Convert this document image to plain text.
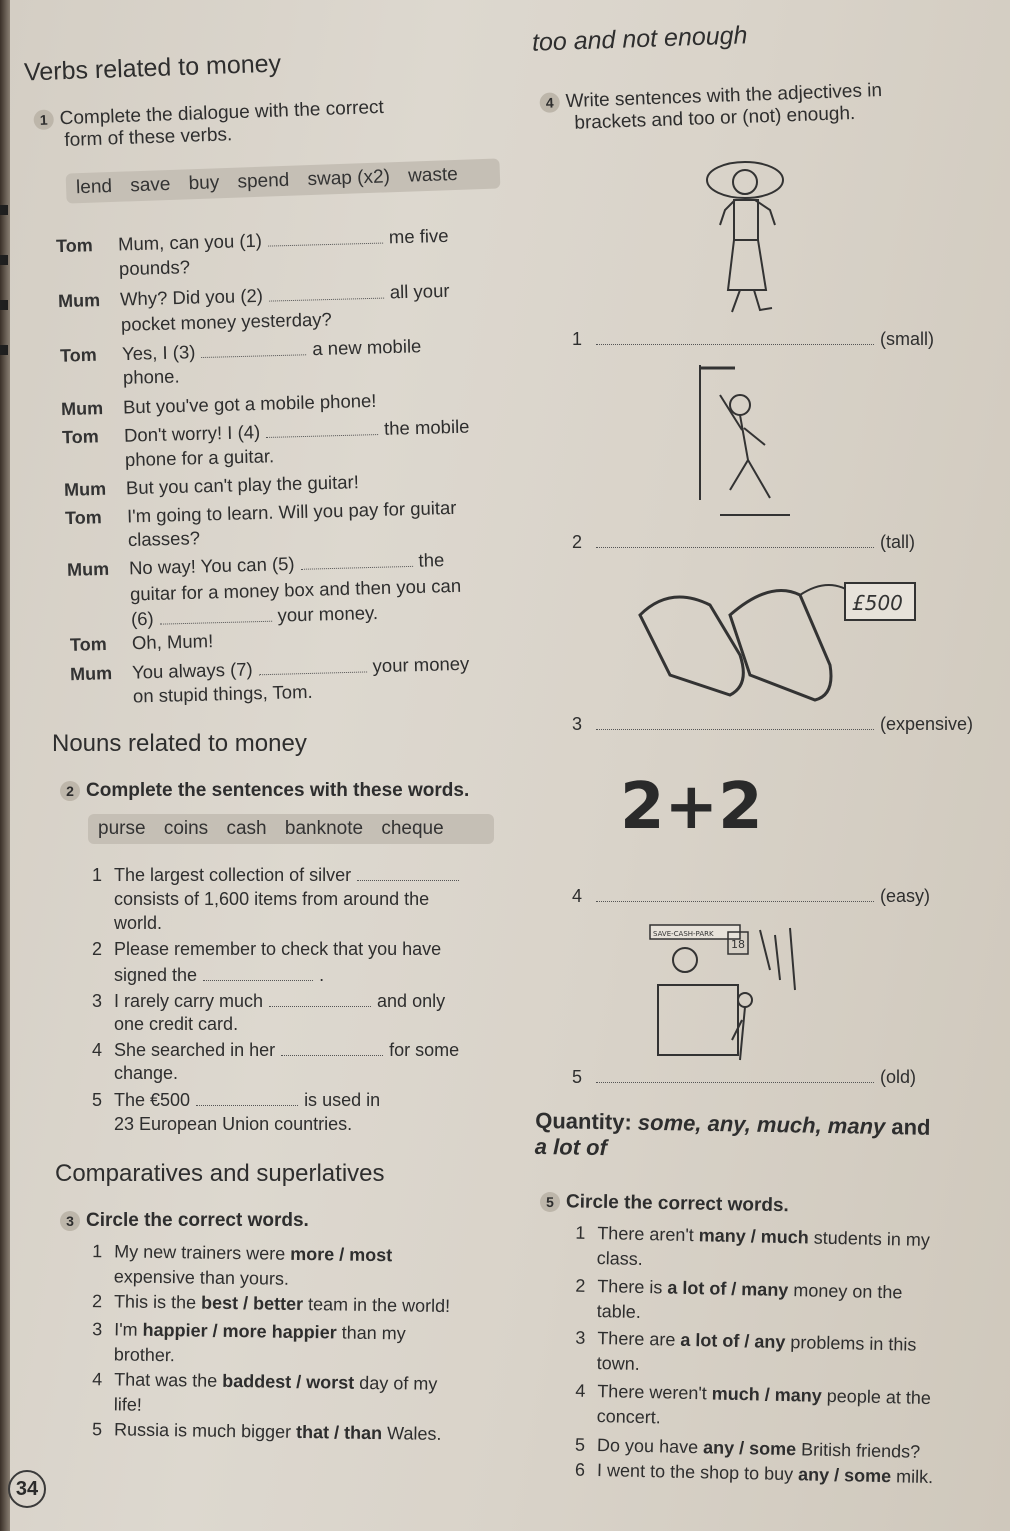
Verbs related to money
1 Complete the dialogue with the correct
form of these verbs.
lend save buy spend swap (x2) waste
Tom Mum, can you (1)	me five
pounds?
Mum Why? Did you (2)	all your
pocket money yesterday?
Tom Yes, I (3)	a new mobile
phone.
Mum But you've got a mobile phone!
Tom Don't worry! I (4)	the mobile
phone for a guitar.
Mum But you can't play the guitar!
Tom I'm going to learn. Will you pay for guitar
classes?
Mum No way! You can (5)	the
guitar for a money box and then you can
(6)	your money.
Tom Oh, Mum!
Mum You always (7)	your money
on stupid things, Tom.
Nouns related to money
2 Complete the sentences with these words.
purse coins cash banknote cheque
1 The largest collection of silver
consists of 1,600 items from around the
world.
2 Please remember to check that you have
signed the	.
3 I rarely carry much	and only
one credit card.
4 She searched in her	for some
change.
5 The €500	is used in
23 European Union countries.
Comparatives and superlatives
3 Circle the correct words.
1 My new trainers were more / most
expensive than yours.
2 This is the best / better team in the world!
3 I'm happier / more happier than my
brother.
4 That was the baddest / worst day of my
life!
5 Russia is much bigger that / than Wales.
34
too and not enough
4 Write sentences with the adjectives in
brackets and too or (not) enough.
£500
2+2
SAVE-CASH-PARK
18
1	(small)
2	(tall)
3	(expensive)
4	(easy)
5	(old)
Quantity: some, any, much, many and
a lot of
5 Circle the correct words.
1 There aren't many / much students in my
class.
2 There is a lot of / many money on the
table.
3 There are a lot of / any problems in this
town.
4 There weren't much / many people at the
concert.
5 Do you have any / some British friends?
6 I went to the shop to buy any / some milk.
